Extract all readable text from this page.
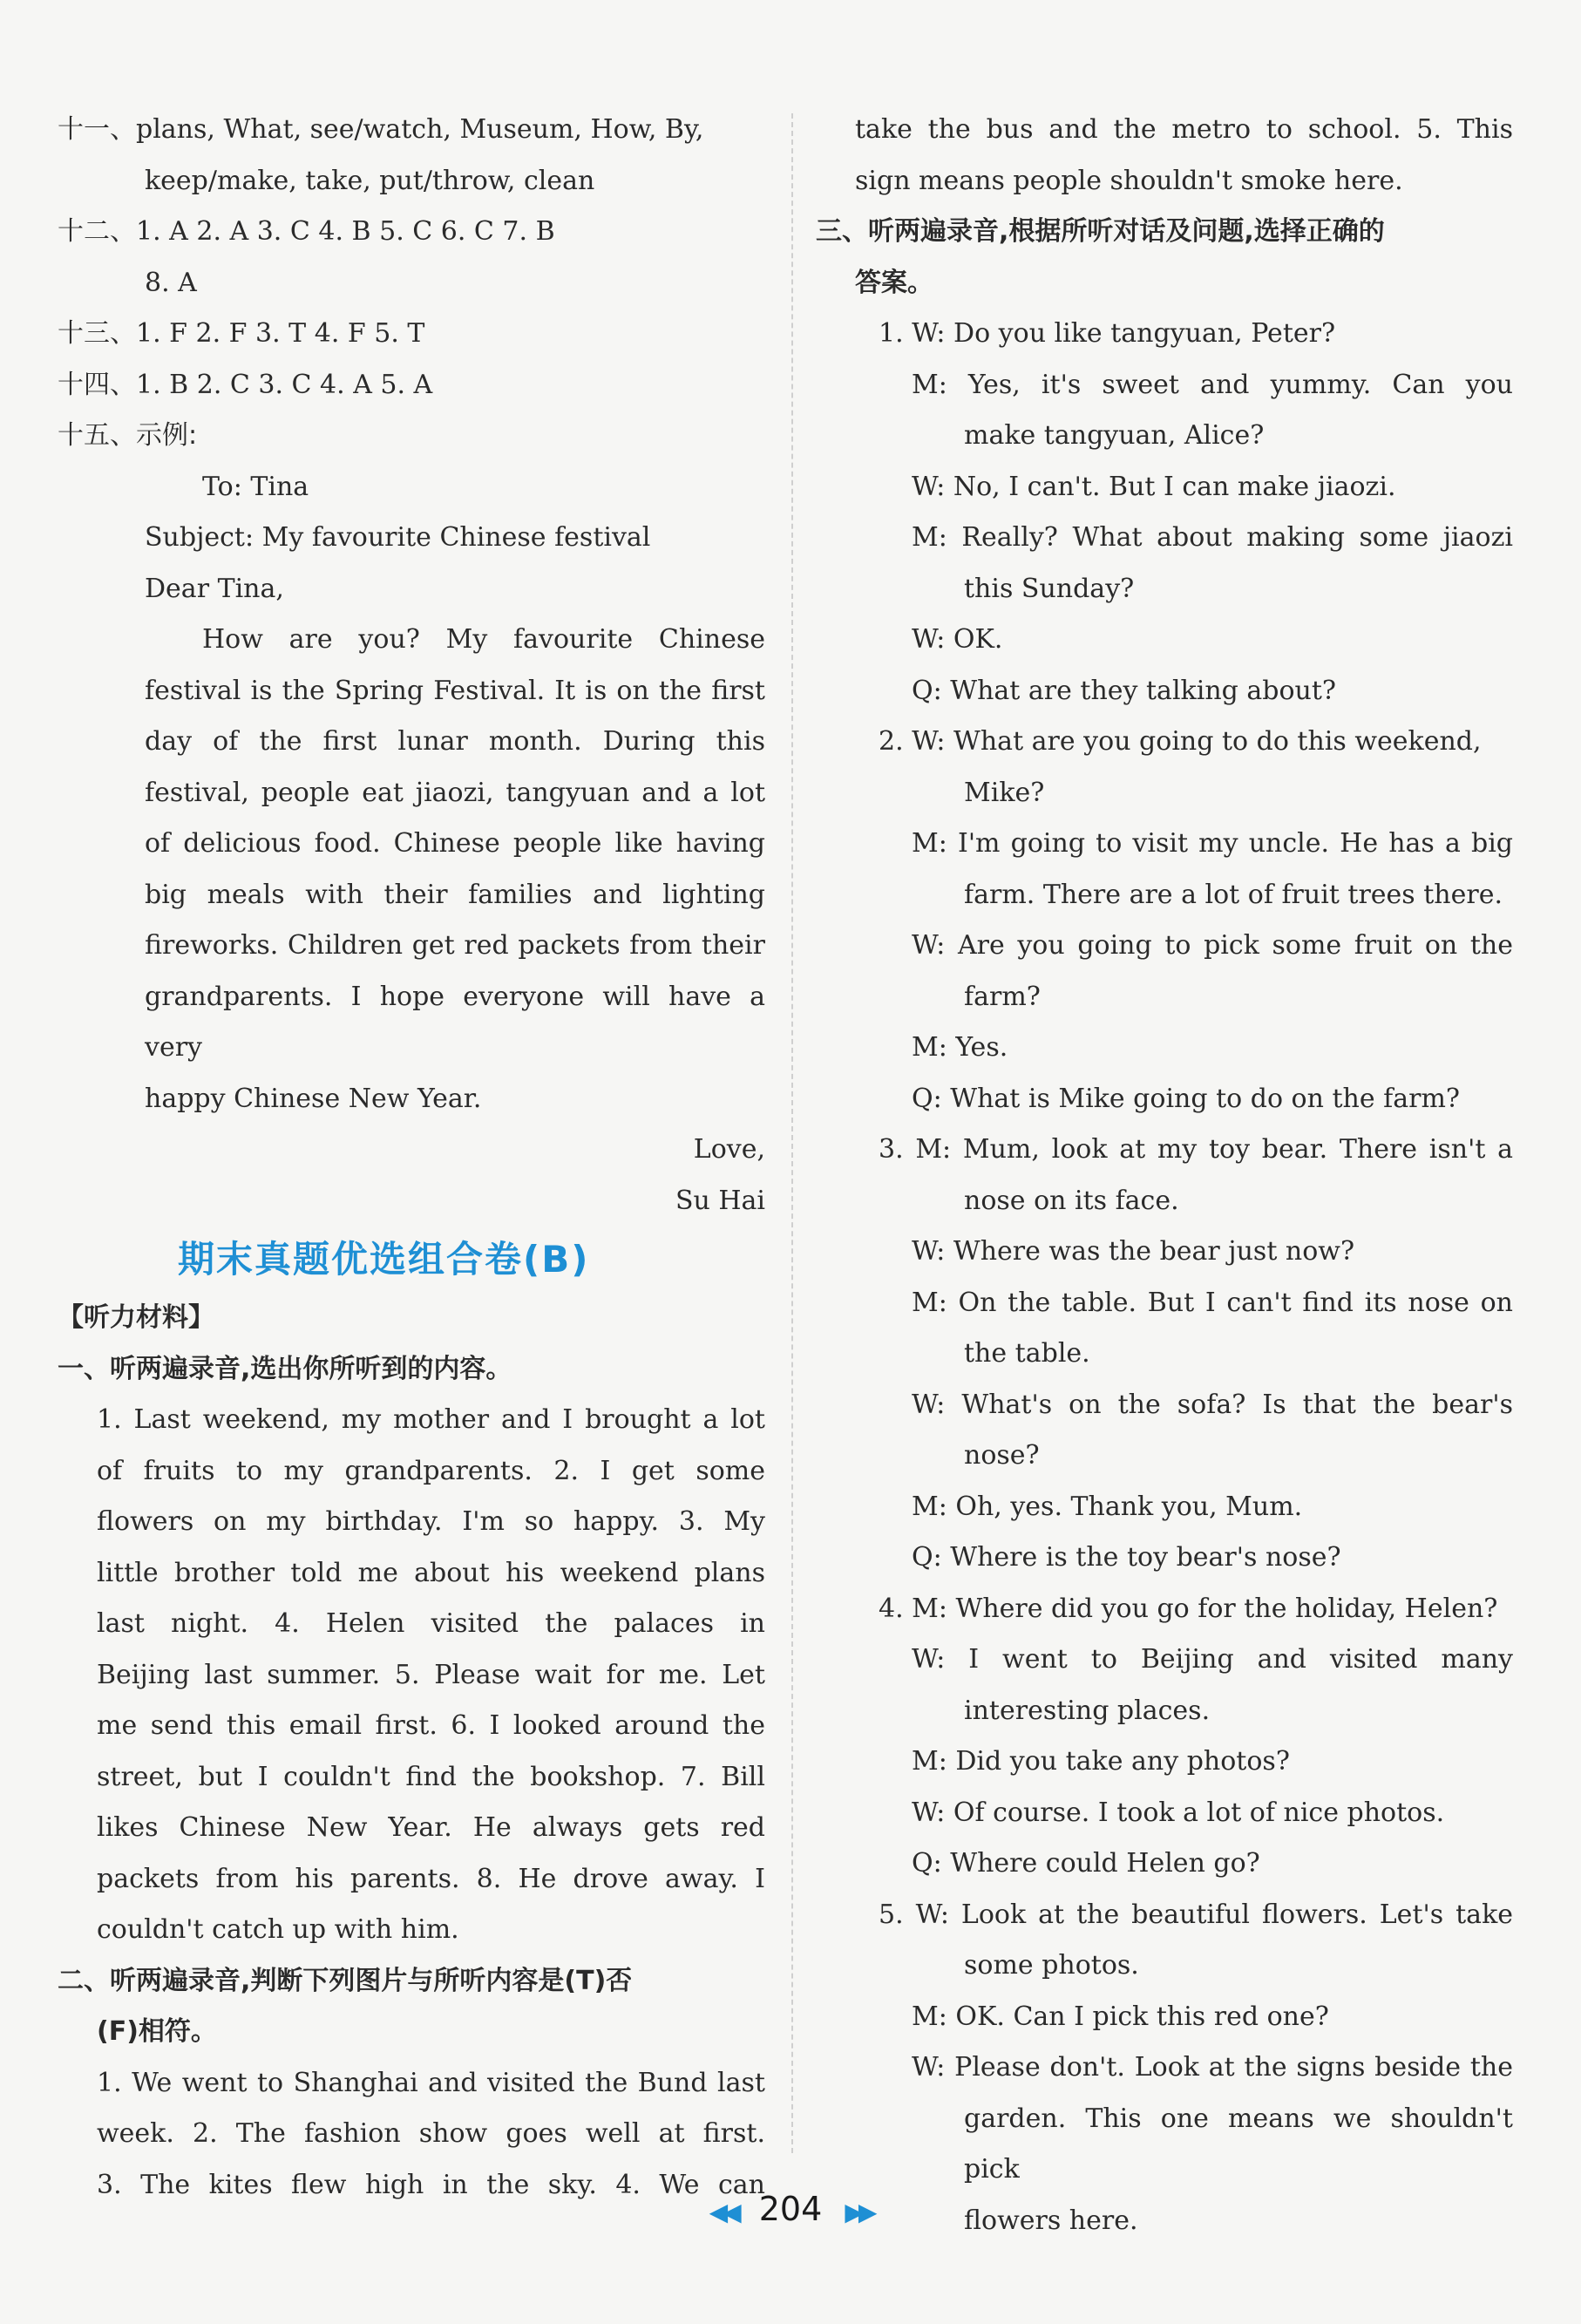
十一、plans, What, see/watch, Museum, How, By,
keep/make, take, put/throw, clean
十二、1. A 2. A 3. C 4. B 5. C 6. C 7. B
8. A
十三、1. F 2. F 3. T 4. F 5. T
十四、1. B 2. C 3. C 4. A 5. A
十五、示例:
To: Tina
Subject: My favourite Chinese festival
Dear Tina,
How are you? My favourite Chinese
festival is the Spring Festival. It is on the first
day of the first lunar month. During this
festival, people eat jiaozi, tangyuan and a lot
of delicious food. Chinese people like having
big meals with their families and lighting
fireworks. Children get red packets from their
grandparents. I hope everyone will have a very
happy Chinese New Year.
Love,
Su Hai
期末真题优选组合卷(B)
【听力材料】
一、听两遍录音,选出你所听到的内容。
1. Last weekend, my mother and I brought a lot
of fruits to my grandparents. 2. I get some
flowers on my birthday. I'm so happy. 3. My
little brother told me about his weekend plans
last night. 4. Helen visited the palaces in
Beijing last summer. 5. Please wait for me. Let
me send this email first. 6. I looked around the
street, but I couldn't find the bookshop. 7. Bill
likes Chinese New Year. He always gets red
packets from his parents. 8. He drove away. I
couldn't catch up with him.
二、听两遍录音,判断下列图片与所听内容是(T)否
(F)相符。
1. We went to Shanghai and visited the Bund last
week. 2. The fashion show goes well at first.
3. The kites flew high in the sky. 4. We can
take the bus and the metro to school. 5. This
sign means people shouldn't smoke here.
三、听两遍录音,根据所听对话及问题,选择正确的
答案。
1. W: Do you like tangyuan, Peter?
M: Yes, it's sweet and yummy. Can you
make tangyuan, Alice?
W: No, I can't. But I can make jiaozi.
M: Really? What about making some jiaozi
this Sunday?
W: OK.
Q: What are they talking about?
2. W: What are you going to do this weekend,
Mike?
M: I'm going to visit my uncle. He has a big
farm. There are a lot of fruit trees there.
W: Are you going to pick some fruit on the
farm?
M: Yes.
Q: What is Mike going to do on the farm?
3. M: Mum, look at my toy bear. There isn't a
nose on its face.
W: Where was the bear just now?
M: On the table. But I can't find its nose on
the table.
W: What's on the sofa? Is that the bear's
nose?
M: Oh, yes. Thank you, Mum.
Q: Where is the toy bear's nose?
4. M: Where did you go for the holiday, Helen?
W: I went to Beijing and visited many
interesting places.
M: Did you take any photos?
W: Of course. I took a lot of nice photos.
Q: Where could Helen go?
5. W: Look at the beautiful flowers. Let's take
some photos.
M: OK. Can I pick this red one?
W: Please don't. Look at the signs beside the
garden. This one means we shouldn't pick
flowers here.
◀◀ 204 ▶▶
